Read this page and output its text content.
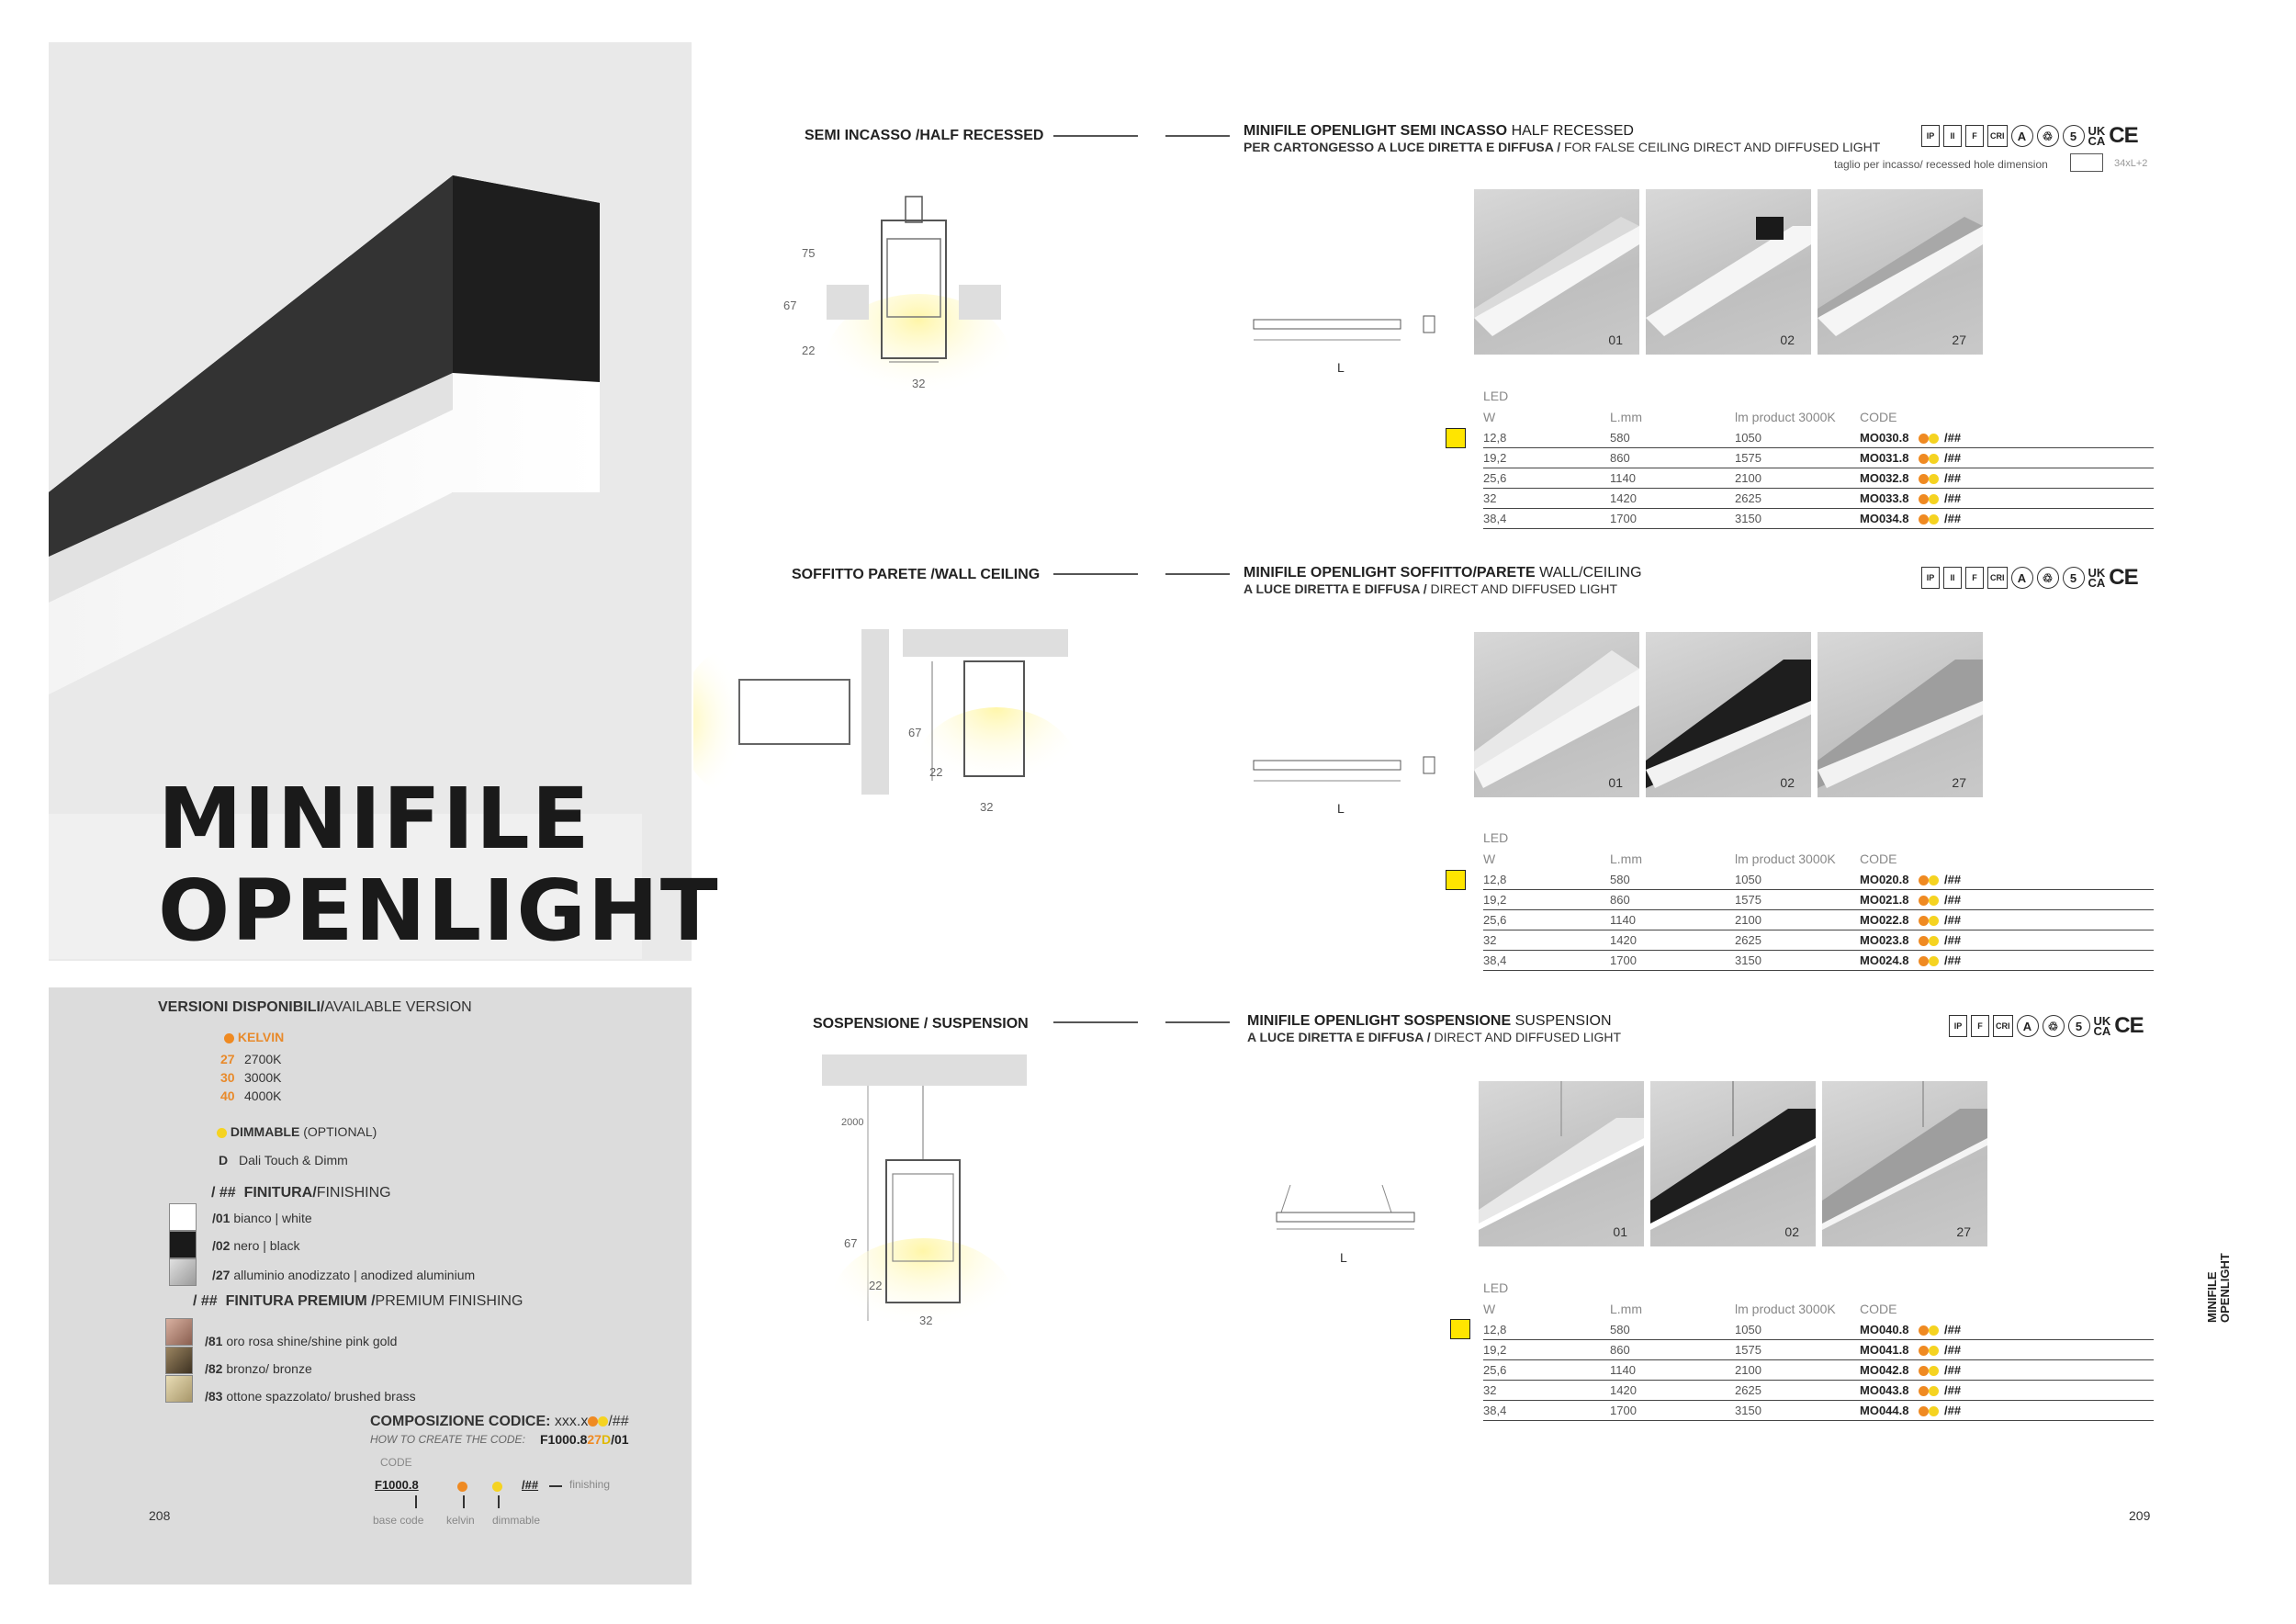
MINIFILE
OPENLIGHT
VERSIONI DISPONIBILI/AVAILABLE VERSION
KELVIN
27 2700K
30 3000K
40 4000K
DIMMABLE (OPTIONAL)
D Dali Touch & Dimm
/ ## FINITURA/FINISHING
/01 bianco | white
/02 nero | black
/27 alluminio anodizzato | anodized aluminium
/ ## FINITURA PREMIUM /PREMIUM FINISHING
/81 oro rosa shine/shine pink gold
/82 bronzo/ bronze
/83 ottone spazzolato/ brushed brass
COMPOSIZIONE CODICE: xxx.x /##
HOW TO CREATE THE CODE: F1000.827D/01
CODE
F1000.8	/##	finishing
base code kelvin dimmable
208
SEMI INCASSO /HALF RECESSED	MINIFILE OPENLIGHT SEMI INCASSO HALF RECESSED
PER CARTONGESSO A LUCE DIRETTA E DIFFUSA / FOR FALSE CEILING DIRECT AND DIFFUSED LIGHT
IP	II	F	CRI	A	♲	5 UK
CA CE
taglio per incasso/ recessed hole dimension	34xL+2
75
67
22
32
L
01	02	27
LED
W	L.mm	lm product 3000K CODE
12,8	580	1050	MO030.8	/##
19,2	860	1575	MO031.8	/##
25,6	1140	2100	MO032.8	/##
32	1420	2625	MO033.8	/##
38,4	1700	3150	MO034.8	/##
SOFFITTO PARETE /WALL CEILING	MINIFILE OPENLIGHT SOFFITTO/PARETE WALL/CEILING
A LUCE DIRETTA E DIFFUSA / DIRECT AND DIFFUSED LIGHT
IP	II	F	CRI	A	♲	5 UK
CA CE
67
22
32	L
01	02	27
LED
W	L.mm	lm product 3000K CODE
12,8	580	1050	MO020.8	/##
19,2	860	1575	MO021.8	/##
25,6	1140	2100	MO022.8	/##
32	1420	2625	MO023.8	/##
38,4	1700	3150	MO024.8	/##
SOSPENSIONE / SUSPENSION	MINIFILE OPENLIGHT SOSPENSIONE SUSPENSION
A LUCE DIRETTA E DIFFUSA / DIRECT AND DIFFUSED LIGHT
IP	F	CRI	A	♲	5 UK
CA CE
2000
67
22
32
L
01	02	27
LED
W	L.mm	lm product 3000K CODE
12,8	580	1050	MO040.8	/##
19,2	860	1575	MO041.8	/##
25,6	1140	2100	MO042.8	/##
32	1420	2625	MO043.8	/##
38,4	1700	3150	MO044.8	/##
MINIFILE OPENLIGHT
209
